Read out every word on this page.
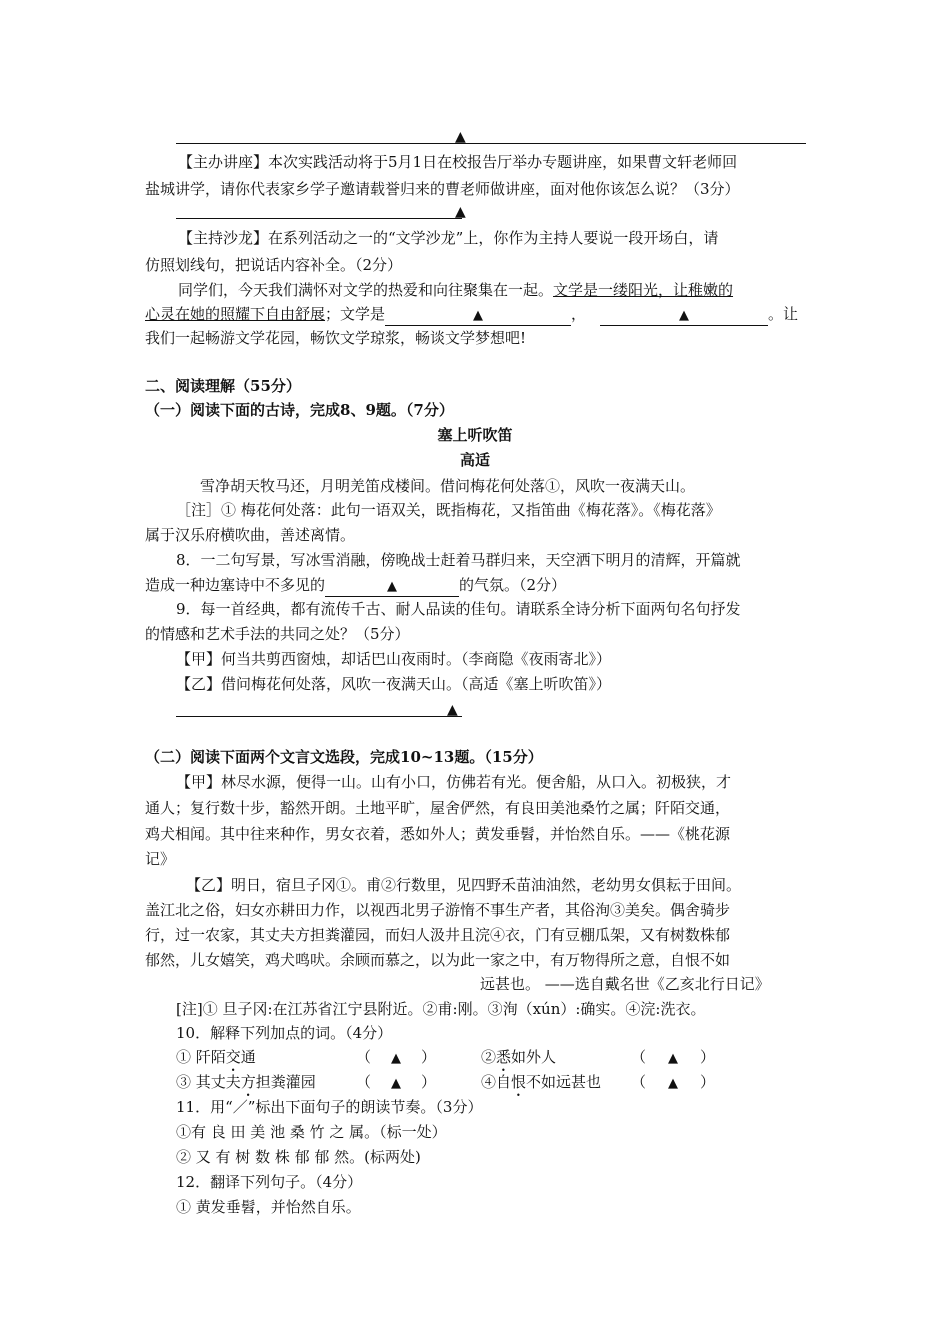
▲
【主办讲座】本次实践活动将于5月1日在校报告厅举办专题讲座，如果曹文轩老师回
盐城讲学，请你代表家乡学子邀请载誉归来的曹老师做讲座，面对他你该怎么说？（3分）
▲
【主持沙龙】在系列活动之一的“文学沙龙”上，你作为主持人要说一段开场白，请
仿照划线句，把说话内容补全。（2分）
同学们，今天我们满怀对文学的热爱和向往聚集在一起。文学是一缕阳光，让稚嫩的
心灵在她的照耀下自由舒展；文学是	▲	，	▲	。让
我们一起畅游文学花园，畅饮文学琼浆，畅谈文学梦想吧!
二、阅读理解（55分）
（一）阅读下面的古诗，完成8、9题。（7分）
塞上听吹笛
高适
雪净胡天牧马还，月明羌笛戍楼间。借问梅花何处落①，风吹一夜满天山。
［注］① 梅花何处落：此句一语双关，既指梅花，又指笛曲《梅花落》。《梅花落》
属于汉乐府横吹曲，善述离情。
8．一二句写景，写冰雪消融，傍晚战士赶着马群归来，天空洒下明月的清辉，开篇就
造成一种边塞诗中不多见的	▲	的气氛。（2分）
9．每一首经典，都有流传千古、耐人品读的佳句。请联系全诗分析下面两句名句抒发
的情感和艺术手法的共同之处？（5分）
【甲】何当共剪西窗烛，却话巴山夜雨时。（李商隐《夜雨寄北》）
【乙】借问梅花何处落，风吹一夜满天山。（高适《塞上听吹笛》）
▲
（二）阅读下面两个文言文选段，完成10~13题。（15分）
【甲】林尽水源，便得一山。山有小口，仿佛若有光。便舍船，从口入。初极狭，才
通人；复行数十步，豁然开朗。土地平旷，屋舍俨然，有良田美池桑竹之属；阡陌交通，
鸡犬相闻。其中往来种作，男女衣着，悉如外人；黄发垂髫，并怡然自乐。——《桃花源
记》
【乙】明日，宿旦子冈①。甫②行数里，见四野禾苗油油然，老幼男女俱耘于田间。
盖江北之俗，妇女亦耕田力作，以视西北男子游惰不事生产者，其俗洵③美矣。偶舍骑步
行，过一农家，其丈夫方担粪灌园，而妇人汲井且浣④衣，门有豆棚瓜架，又有树数株郁
郁然，儿女嬉笑，鸡犬鸣吠。余顾而慕之，以为此一家之中，有万物得所之意，自恨不如
远甚也。 ——选自戴名世《乙亥北行日记》
[注]① 旦子冈:在江苏省江宁县附近。②甫:刚。③洵（xún）:确实。④浣:洗衣。
10．解释下列加点的词。（4分）
① 阡陌交通	（ ▲ ）	②悉如外人	（ ▲ ）
③ 其丈夫方担粪灌园	（ ▲ ）	④自恨不如远甚也 （ ▲ ）
11．用“／”标出下面句子的朗读节奏。（3分）
①有 良 田 美 池 桑 竹 之 属。（标一处）
② 又 有 树 数 株 郁 郁 然。(标两处)
12．翻译下列句子。（4分）
① 黄发垂髫，并怡然自乐。
